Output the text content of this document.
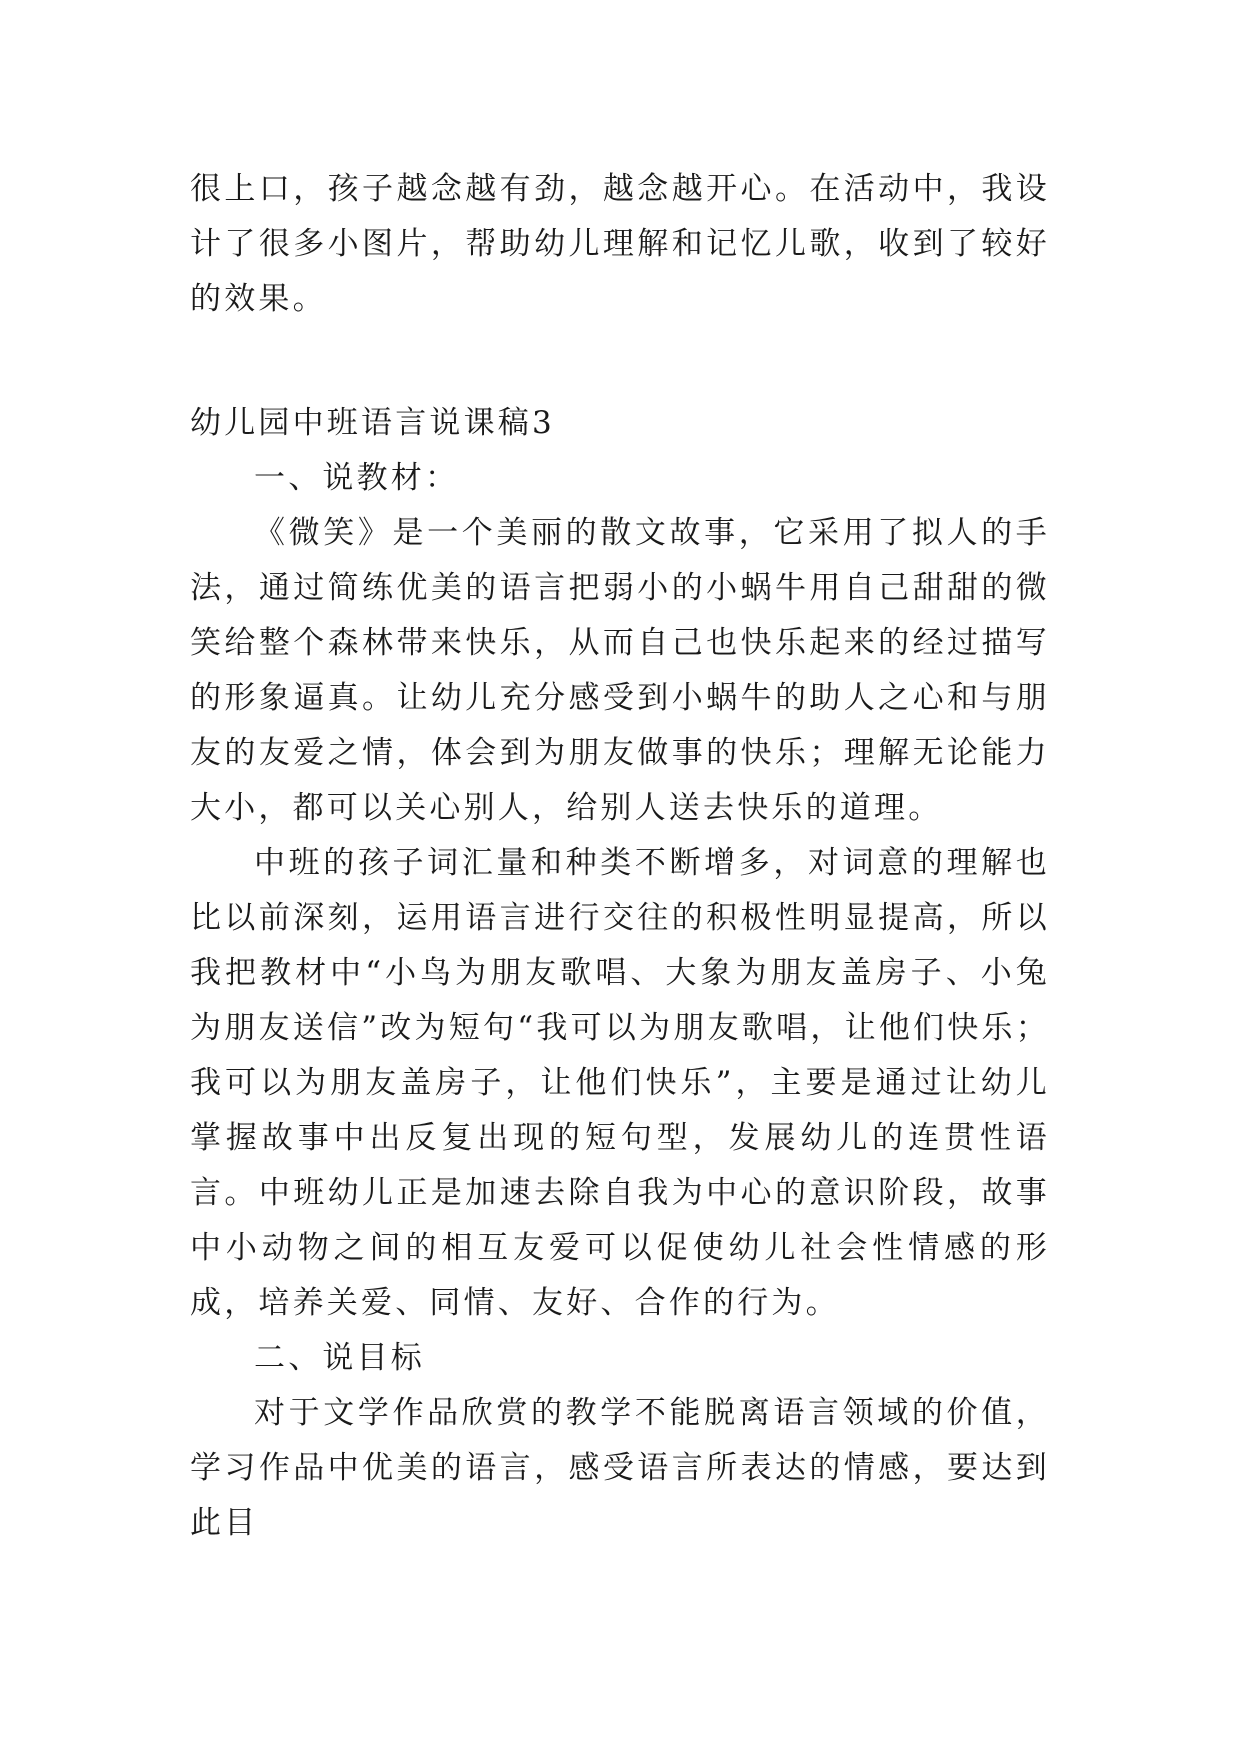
很上口，孩子越念越有劲，越念越开心。在活动中，我设计了很多小图片，帮助幼儿理解和记忆儿歌，收到了较好的效果。

幼儿园中班语言说课稿3

一、说教材：

《微笑》是一个美丽的散文故事，它采用了拟人的手法，通过简练优美的语言把弱小的小蜗牛用自己甜甜的微笑给整个森林带来快乐，从而自己也快乐起来的经过描写的形象逼真。让幼儿充分感受到小蜗牛的助人之心和与朋友的友爱之情，体会到为朋友做事的快乐；理解无论能力大小，都可以关心别人，给别人送去快乐的道理。

中班的孩子词汇量和种类不断增多，对词意的理解也比以前深刻，运用语言进行交往的积极性明显提高，所以我把教材中“小鸟为朋友歌唱、大象为朋友盖房子、小兔为朋友送信”改为短句“我可以为朋友歌唱，让他们快乐；我可以为朋友盖房子，让他们快乐”，主要是通过让幼儿掌握故事中出反复出现的短句型，发展幼儿的连贯性语言。中班幼儿正是加速去除自我为中心的意识阶段，故事中小动物之间的相互友爱可以促使幼儿社会性情感的形成，培养关爱、同情、友好、合作的行为。

二、说目标

对于文学作品欣赏的教学不能脱离语言领域的价值，学习作品中优美的语言，感受语言所表达的情感，要达到此目
